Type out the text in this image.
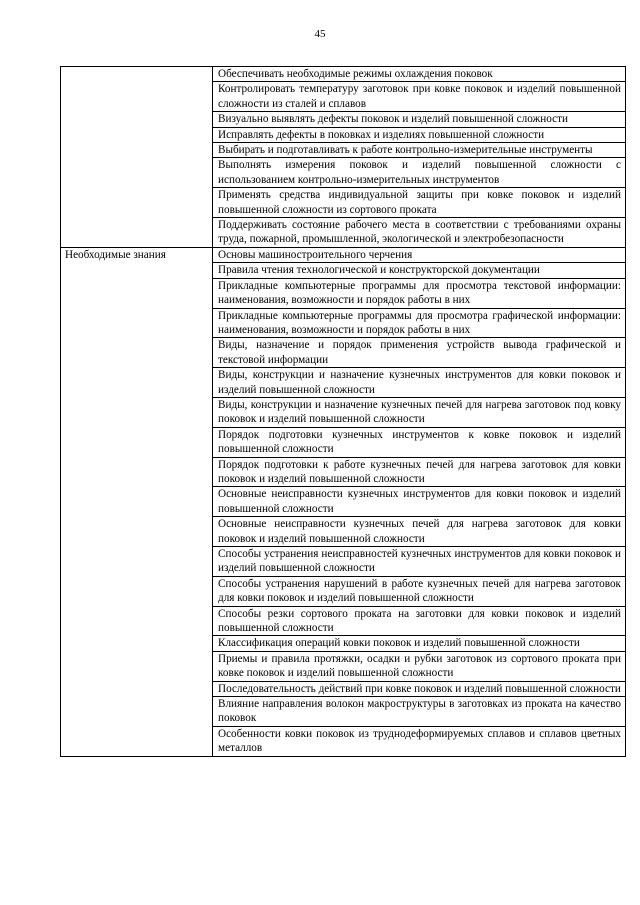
45
	Обеспечивать необходимые режимы охлаждения поковок
	Контролировать температуру заготовок при ковке поковок и изделий повышенной сложности из сталей и сплавов
	Визуально выявлять дефекты поковок и изделий повышенной сложности
	Исправлять дефекты в поковках и изделиях повышенной сложности
	Выбирать и подготавливать к работе контрольно-измерительные инструменты
	Выполнять измерения поковок и изделий повышенной сложности с использованием контрольно-измерительных инструментов
	Применять средства индивидуальной защиты при ковке поковок и изделий повышенной сложности из сортового проката
	Поддерживать состояние рабочего места в соответствии с требованиями охраны труда, пожарной, промышленной, экологической и электробезопасности
Необходимые знания	Основы машиностроительного черчения
	Правила чтения технологической и конструкторской документации
	Прикладные компьютерные программы для просмотра текстовой информации: наименования, возможности и порядок работы в них
	Прикладные компьютерные программы для просмотра графической информации: наименования, возможности и порядок работы в них
	Виды, назначение и порядок применения устройств вывода графической и текстовой информации
	Виды, конструкции и назначение кузнечных инструментов для ковки поковок и изделий повышенной сложности
	Виды, конструкции и назначение кузнечных печей для нагрева заготовок под ковку поковок и изделий повышенной сложности
	Порядок подготовки кузнечных инструментов к ковке поковок и изделий повышенной сложности
	Порядок подготовки к работе кузнечных печей для нагрева заготовок для ковки поковок и изделий повышенной сложности
	Основные неисправности кузнечных инструментов для ковки поковок и изделий повышенной сложности
	Основные неисправности кузнечных печей для нагрева заготовок для ковки поковок и изделий повышенной сложности
	Способы устранения неисправностей кузнечных инструментов для ковки поковок и изделий повышенной сложности
	Способы устранения нарушений в работе кузнечных печей для нагрева заготовок для ковки поковок и изделий повышенной сложности
	Способы резки сортового проката на заготовки для ковки поковок и изделий повышенной сложности
	Классификация операций ковки поковок и изделий повышенной сложности
	Приемы и правила протяжки, осадки и рубки заготовок из сортового проката при ковке поковок и изделий повышенной сложности
	Последовательность действий при ковке поковок и изделий повышенной сложности
	Влияние направления волокон макроструктуры в заготовках из проката на качество поковок
	Особенности ковки поковок из труднодеформируемых сплавов и сплавов цветных металлов
